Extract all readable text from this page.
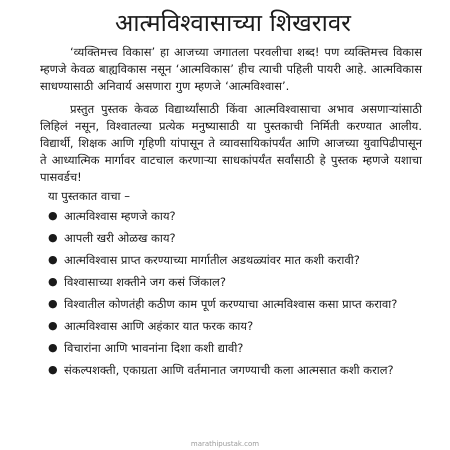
आत्मविश्वासाच्या शिखरावर

‘व्यक्तिमत्त्व विकास’ हा आजच्या जगातला परवलीचा शब्द! पण व्यक्तिमत्त्व विकास म्हणजे केवळ बाह्यविकास नसून ‘आत्मविकास’ हीच त्याची पहिली पायरी आहे. आत्मविकास साधण्यासाठी अनिवार्य असणारा गुण म्हणजे ‘आत्मविश्वास’.

प्रस्तुत पुस्तक केवळ विद्यार्थ्यांसाठी किंवा आत्मविश्वासाचा अभाव असणाऱ्यांसाठी लिहिलं नसून, विश्वातल्या प्रत्येक मनुष्यासाठी या पुस्तकाची निर्मिती करण्यात आलीय. विद्यार्थी, शिक्षक आणि गृहिणी यांपासून ते व्यावसायिकांपर्यंत आणि आजच्या युवापिढीपासून ते आध्यात्मिक मार्गावर वाटचाल करणाऱ्या साधकांपर्यंत सर्वांसाठी हे पुस्तक म्हणजे यशाचा पासवर्डच!

या पुस्तकात वाचा –
● आत्मविश्वास म्हणजे काय?
● आपली खरी ओळख काय?
● आत्मविश्वास प्राप्त करण्याच्या मार्गातील अडथळ्यांवर मात कशी करावी?
● विश्वासाच्या शक्तीने जग कसं जिंकाल?
● विश्वातील कोणतंही कठीण काम पूर्ण करण्याचा आत्मविश्वास कसा प्राप्त करावा?
● आत्मविश्वास आणि अहंकार यात फरक काय?
● विचारांना आणि भावनांना दिशा कशी द्यावी?
● संकल्पशक्ती, एकाग्रता आणि वर्तमानात जगण्याची कला आत्मसात कशी कराल?
marathipustak.com
